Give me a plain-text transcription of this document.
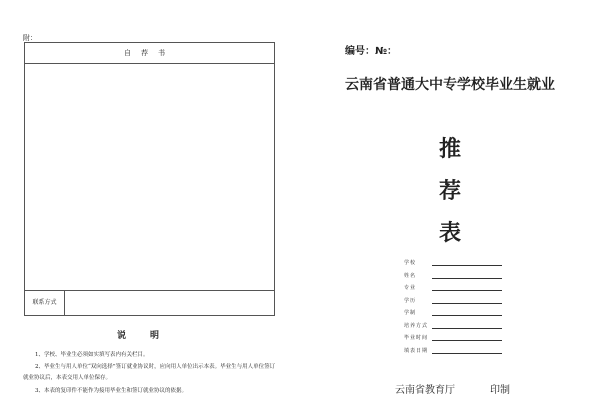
附：
自荐书
联系方式
说明
1、学校、毕业生必须如实填写表内有关栏目。
2、毕业生与用人单位“双向选择”签订就业协议时，应向用人单位出示本表。毕业生与用人单位签订就业协议后，本表交用人单位保存。
3、本表的复印件不能作为接用毕业生和签订就业协议的依据。
编号：№：
云南省普通大中专学校毕业生就业
推
荐
表
学校
姓名
专业
学历
学制
培养方式
毕业时间
填表日期
云南省教育厅	印制
